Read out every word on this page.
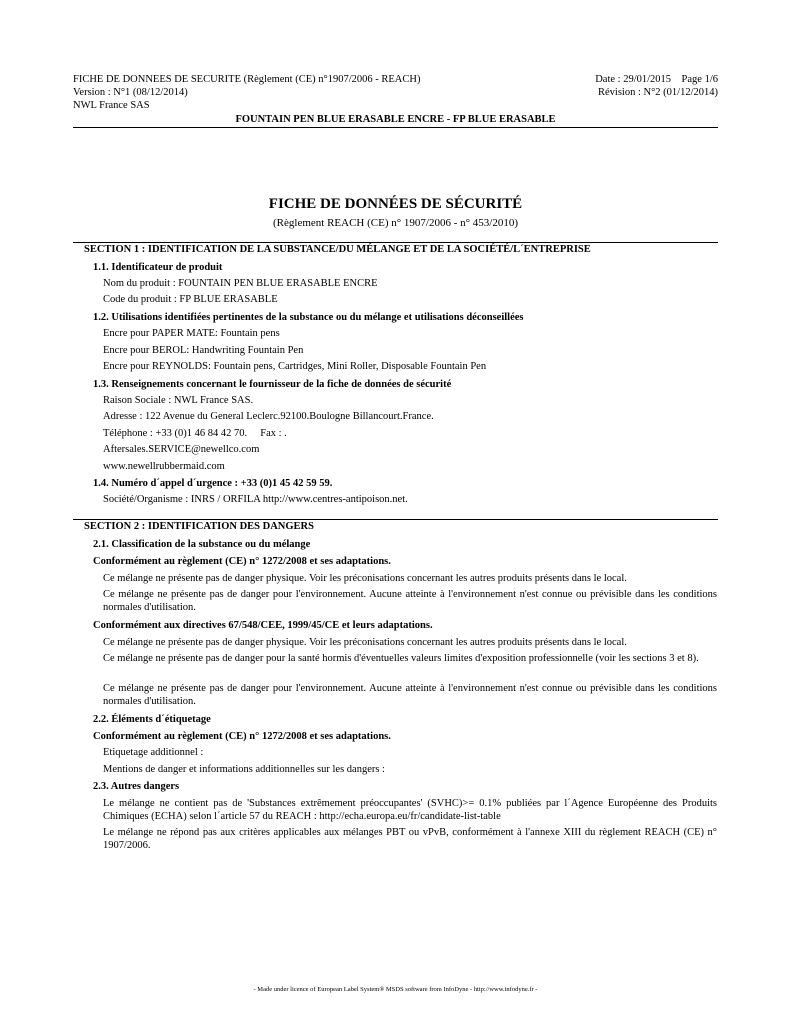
FICHE DE DONNEES DE SECURITE (Règlement (CE) n°1907/2006 - REACH)
Version : N°1 (08/12/2014)
NWL France SAS
Date : 29/01/2015    Page 1/6
Révision : N°2 (01/12/2014)
FOUNTAIN PEN BLUE ERASABLE ENCRE - FP BLUE ERASABLE
FICHE DE DONNÉES DE SÉCURITÉ
(Règlement REACH (CE) n° 1907/2006 - n° 453/2010)
SECTION 1 : IDENTIFICATION DE LA SUBSTANCE/DU MÉLANGE ET DE LA SOCIÉTÉ/L´ENTREPRISE
1.1. Identificateur de produit
Nom du produit : FOUNTAIN PEN BLUE ERASABLE ENCRE
Code du produit : FP BLUE ERASABLE
1.2. Utilisations identifiées pertinentes de la substance ou du mélange et utilisations déconseillées
Encre pour PAPER MATE: Fountain pens
Encre pour BEROL: Handwriting Fountain Pen
Encre pour REYNOLDS: Fountain pens, Cartridges, Mini Roller, Disposable Fountain Pen
1.3. Renseignements concernant le fournisseur de la fiche de données de sécurité
Raison Sociale : NWL France SAS.
Adresse : 122 Avenue du General Leclerc.92100.Boulogne Billancourt.France.
Téléphone : +33 (0)1 46 84 42 70.     Fax : .
Aftersales.SERVICE@newellco.com
www.newellrubbermaid.com
1.4. Numéro d´appel d´urgence : +33 (0)1 45 42 59 59.
Société/Organisme : INRS / ORFILA http://www.centres-antipoison.net.
SECTION 2 : IDENTIFICATION DES DANGERS
2.1. Classification de la substance ou du mélange
Conformément au règlement (CE) n° 1272/2008 et ses adaptations.
Ce mélange ne présente pas de danger physique. Voir les préconisations concernant les autres produits présents dans le local.
Ce mélange ne présente pas de danger pour l'environnement. Aucune atteinte à l'environnement n'est connue ou prévisible dans les conditions normales d'utilisation.
Conformément aux directives 67/548/CEE, 1999/45/CE et leurs adaptations.
Ce mélange ne présente pas de danger physique. Voir les préconisations concernant les autres produits présents dans le local.
Ce mélange ne présente pas de danger pour la santé hormis d'éventuelles valeurs limites d'exposition professionnelle (voir les sections 3 et 8).
Ce mélange ne présente pas de danger pour l'environnement. Aucune atteinte à l'environnement n'est connue ou prévisible dans les conditions normales d'utilisation.
2.2. Éléments d´étiquetage
Conformément au règlement (CE) n° 1272/2008 et ses adaptations.
Etiquetage additionnel :
Mentions de danger et informations additionnelles sur les dangers :
2.3. Autres dangers
Le mélange ne contient pas de 'Substances extrêmement préoccupantes' (SVHC)>= 0.1% publiées par l´Agence Européenne des Produits Chimiques (ECHA) selon l´article 57 du REACH : http://echa.europa.eu/fr/candidate-list-table
Le mélange ne répond pas aux critères applicables aux mélanges PBT ou vPvB, conformément à l'annexe XIII du règlement REACH (CE) n° 1907/2006.
- Made under licence of European Label System® MSDS software from InfoDyne - http://www.infodyne.fr -
